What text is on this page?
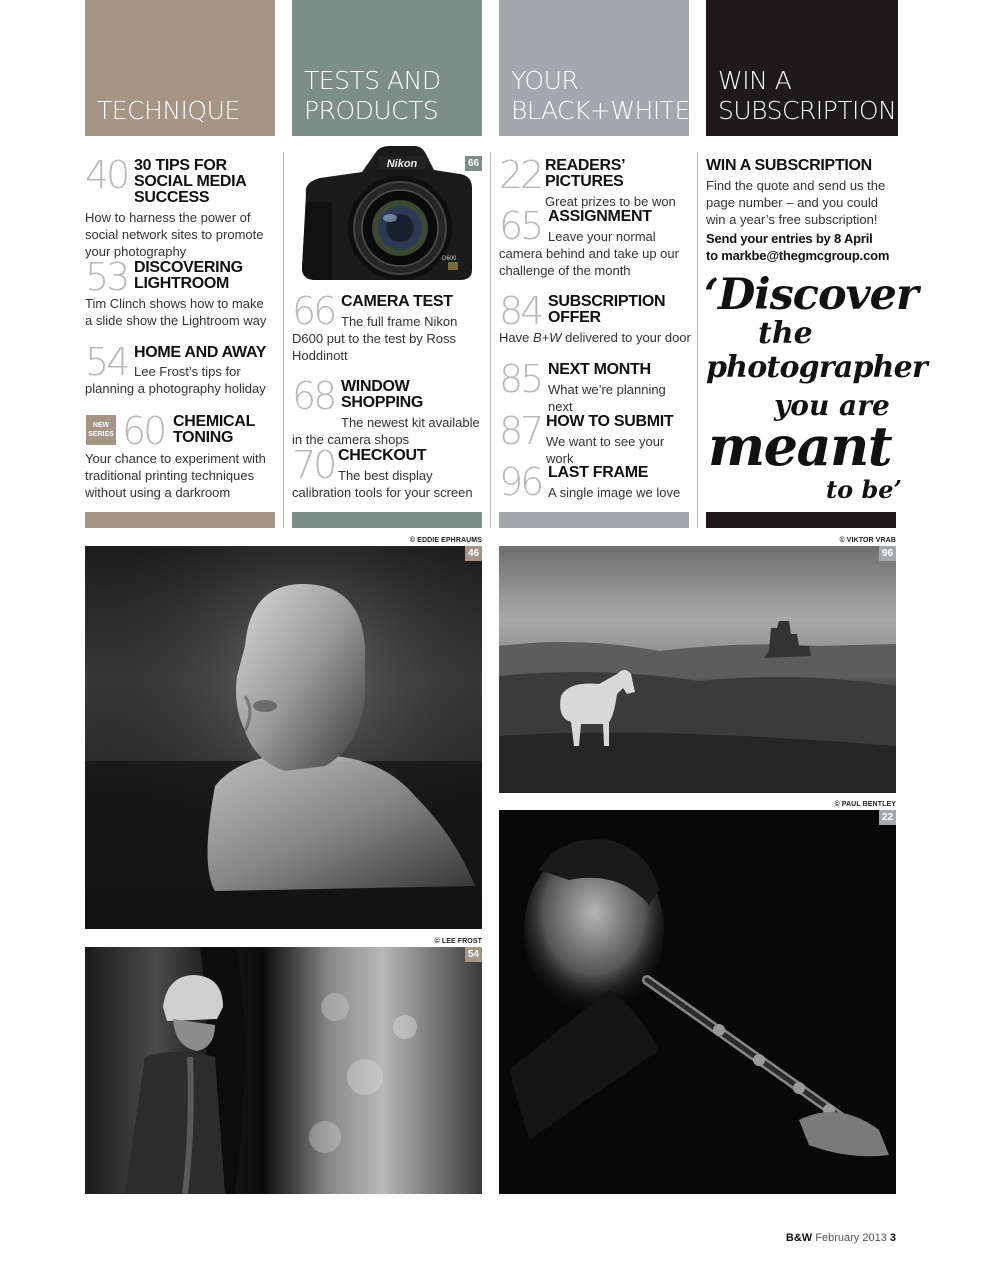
TECHNIQUE
TESTS AND
PRODUCTS
YOUR
BLACK+WHITE
WIN A
SUBSCRIPTION
40 30 TIPS FOR SOCIAL MEDIA SUCCESS
How to harness the power of social network sites to promote your photography
53 DISCOVERING LIGHTROOM
Tim Clinch shows how to make a slide show the Lightroom way
54 HOME AND AWAY
Lee Frost’s tips for planning a photography holiday
NEW
SERIES 60 CHEMICAL TONING
Your chance to experiment with traditional printing techniques without using a darkroom
Nikon
D600
66
66 CAMERA TEST
The full frame Nikon D600 put to the test by Ross Hoddinott
68 WINDOW SHOPPING
The newest kit available in the camera shops
70 CHECKOUT
The best display calibration tools for your screen
22 READERS’ PICTURES
Great prizes to be won
65 ASSIGNMENT
Leave your normal camera behind and take up our challenge of the month
84 SUBSCRIPTION OFFER
Have B+W delivered to your door
85 NEXT MONTH
What we’re planning next
87 HOW TO SUBMIT
We want to see your work
96 LAST FRAME
A single image we love
WIN A SUBSCRIPTION
Find the quote and send us the page number – and you could win a year’s free subscription!
Send your entries by 8 April
to markbe@thegmcgroup.com
‘Discover
the
photographer
you are
meant
to be’
© EDDIE EPHRAUMS	© VIKTOR VRAB
© PAUL BENTLEY
© LEE FROST
46	96
22
54
B&W February 2013 3
